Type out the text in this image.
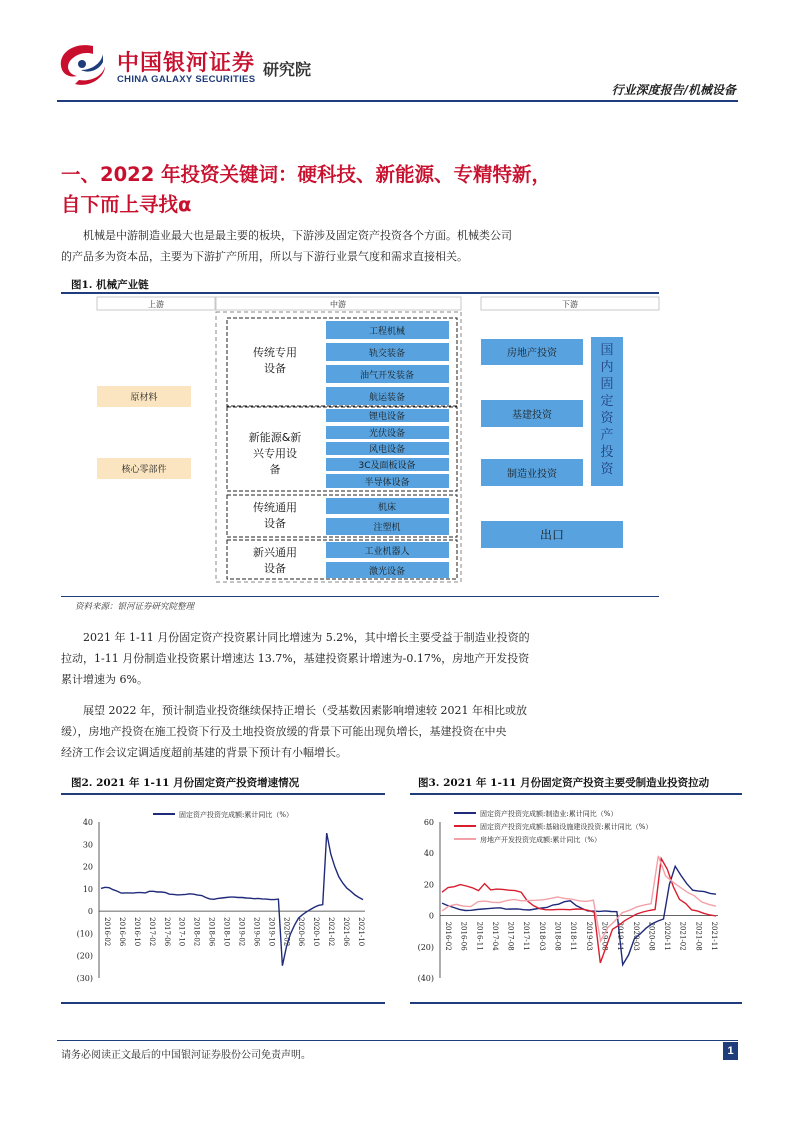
中国银河证券
CHINA GALAXY SECURITIES
研究院
行业深度报告/机械设备
一、2022 年投资关键词：硬科技、新能源、专精特新，
自下而上寻找α
机械是中游制造业最大也是最主要的板块，下游涉及固定资产投资各个方面。机械类公司
的产品多为资本品，主要为下游扩产所用，所以与下游行业景气度和需求直接相关。
图1. 机械产业链
上游	中游	下游
原材料
核心零部件
传统专用
设备
工程机械
轨交装备
油气开发装备
航运装备
新能源&新
兴专用设
备
锂电设备
光伏设备
风电设备
3C及面板设备
半导体设备
传统通用
设备
机床
注塑机
新兴通用
设备
工业机器人
激光设备
房地产投资
基建投资
制造业投资
出口
国
内
固
定
资
产
投
资
资料来源：银河证券研究院整理
2021 年 1-11 月份固定资产投资累计同比增速为 5.2%，其中增长主要受益于制造业投资的
拉动，1-11 月份制造业投资累计增速达 13.7%，基建投资累计增速为-0.17%，房地产开发投资
累计增速为 6%。
展望 2022 年，预计制造业投资继续保持正增长（受基数因素影响增速较 2021 年相比或放
缓），房地产投资在施工投资下行及土地投资放缓的背景下可能出现负增长，基建投资在中央
经济工作会议定调适度超前基建的背景下预计有小幅增长。
图2. 2021 年 1-11 月份固定资产投资增速情况
40
30
20
10
0
(10)
(20)
(30)
2016-02 2016-06 2016-10 2017-02 2017-06 2017-10 2018-02 2018-06 2018-10 2019-02 2019-06 2019-10 2020-02 2020-06 2020-10 2021-02 2021-06 2021-10
固定资产投资完成额:累计同比（%）
图3. 2021 年 1-11 月份固定资产投资主要受制造业投资拉动
60
40
20
0
(20)
(40)
2016-02 2016-06 2016-11 2017-04 2017-08 2017-11 2018-03 2018-08 2018-11 2019-03 2019-08 2019-11 2020-03 2020-08 2020-11 2021-02 2021-08 2021-11
固定资产投资完成额:制造业:累计同比（%）
固定资产投资完成额:基础设施建设投资:累计同比（%）
房地产开发投资完成额:累计同比（%）
请务必阅读正文最后的中国银河证券股份公司免责声明。	1
